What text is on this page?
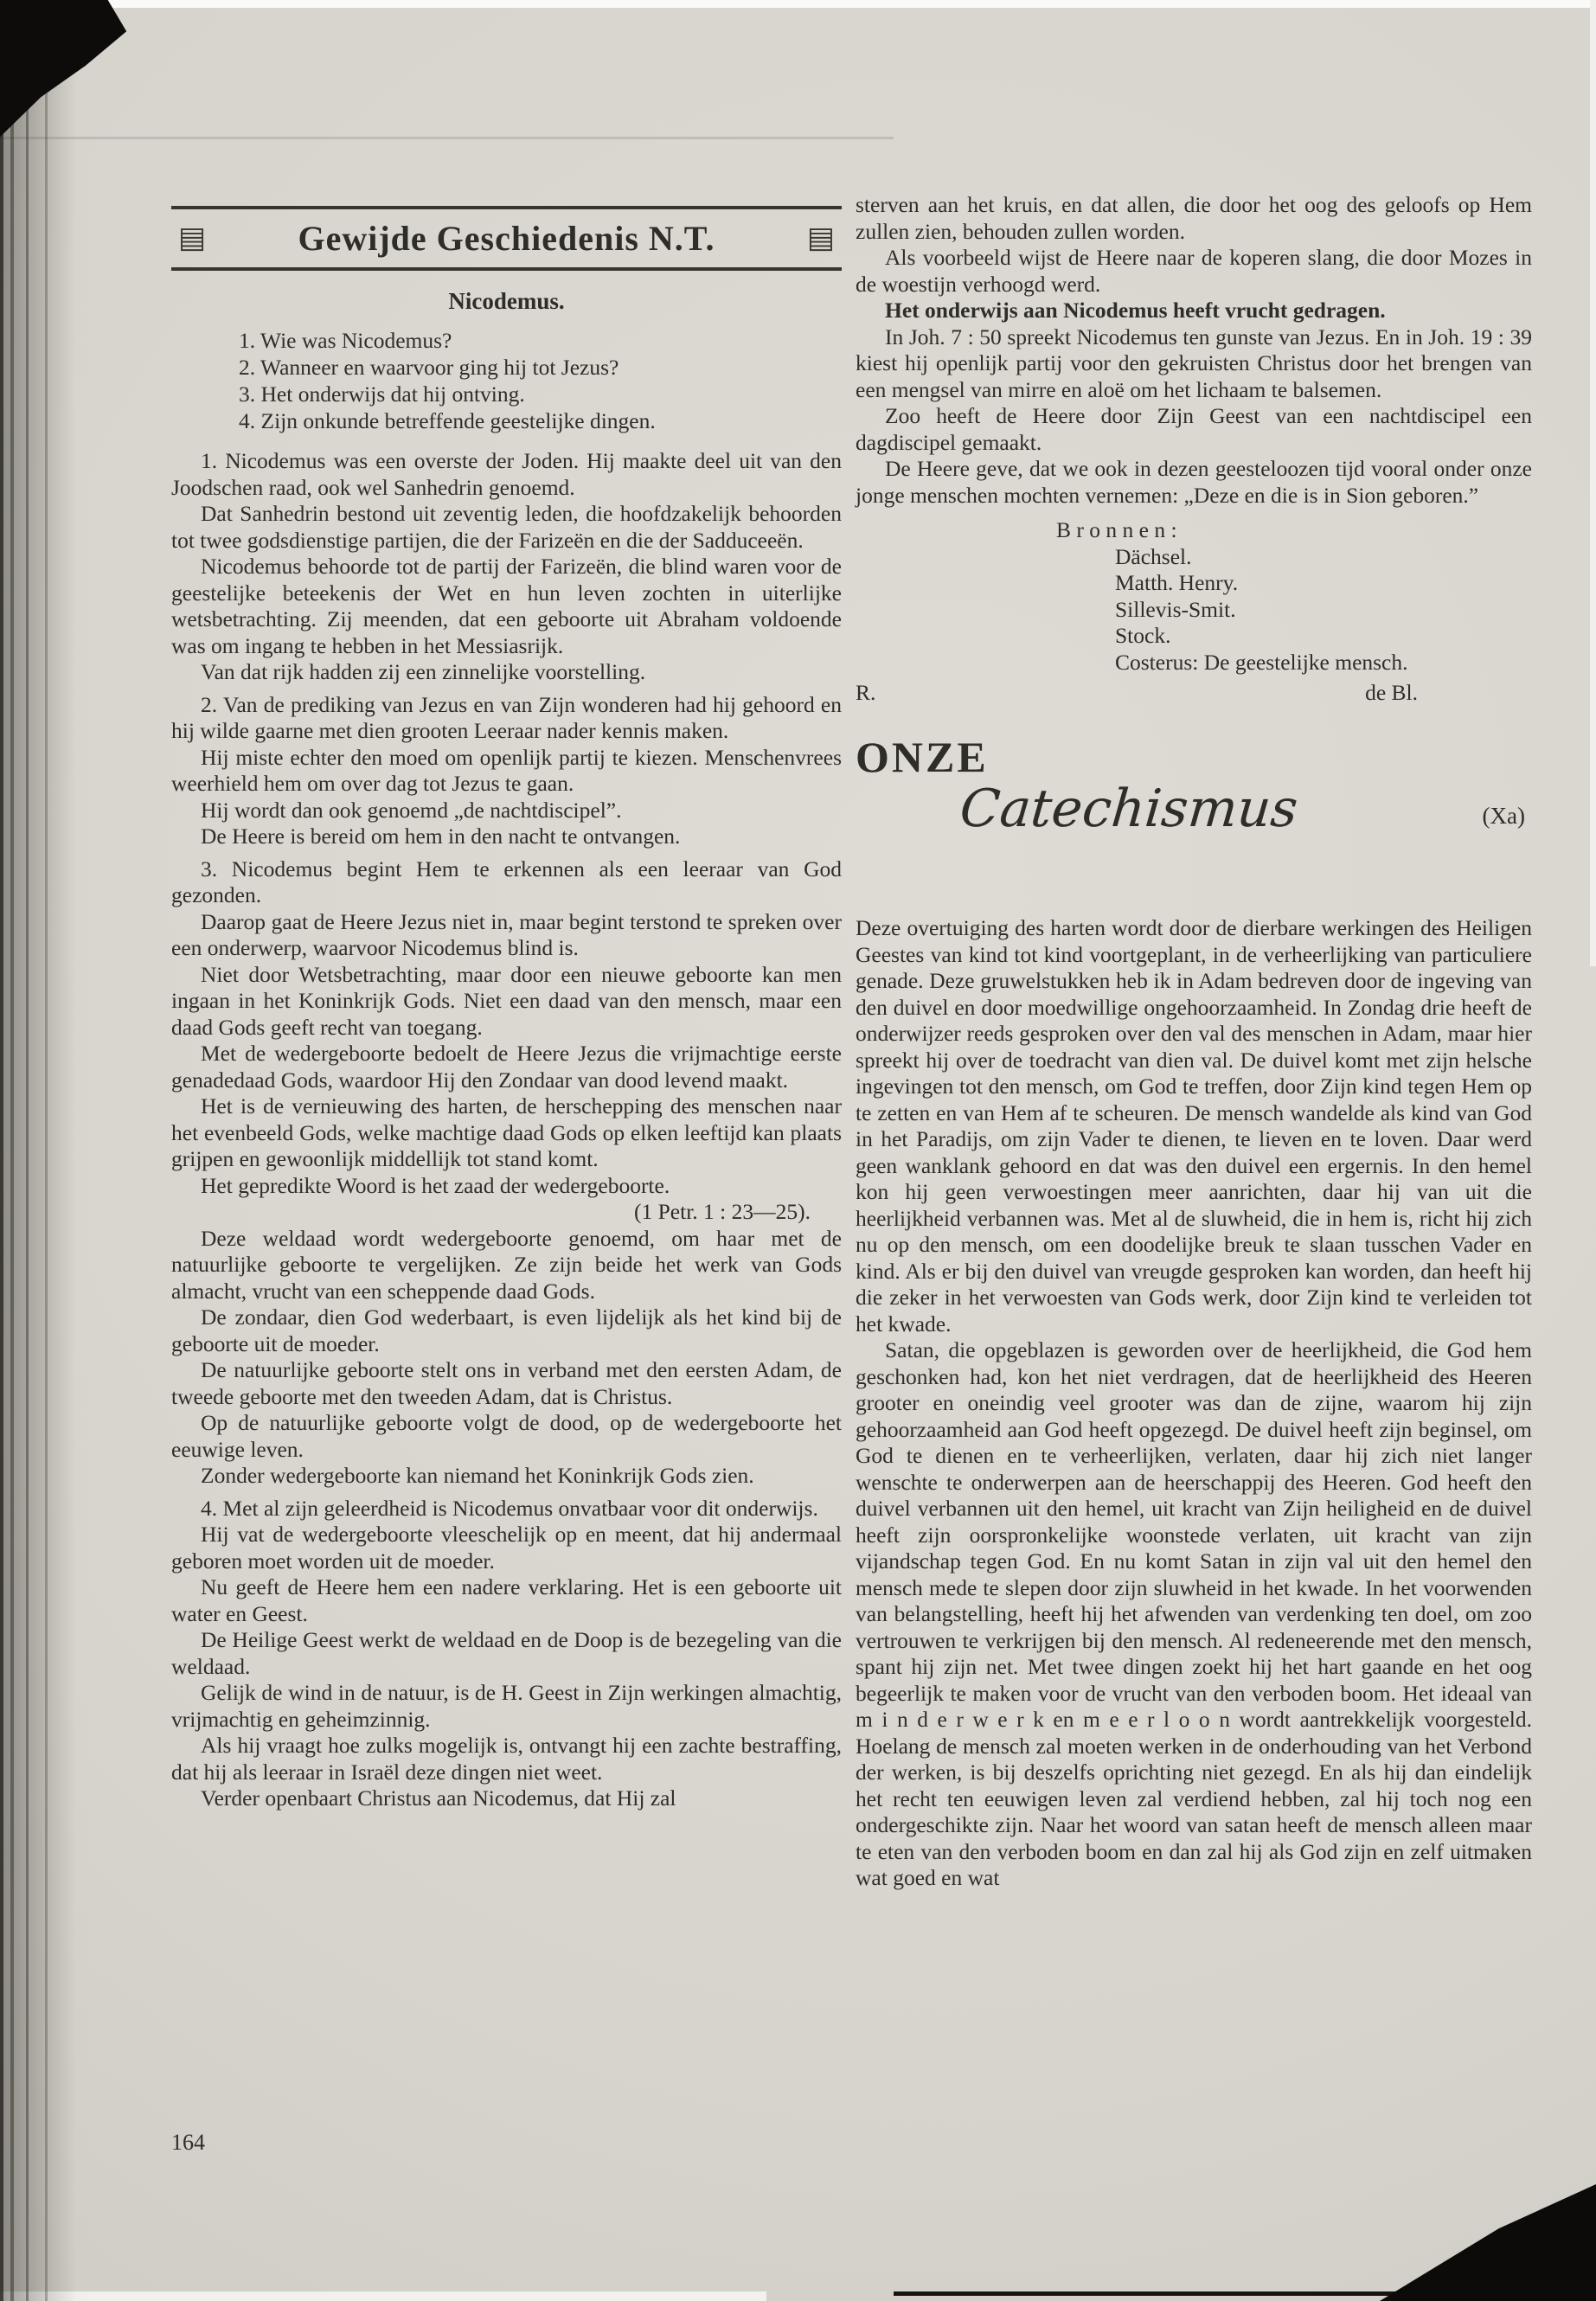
▤	Gewijde Geschiedenis N.T.	▤
Nicodemus.
1. Wie was Nicodemus?
2. Wanneer en waarvoor ging hij tot Jezus?
3. Het onderwijs dat hij ontving.
4. Zijn onkunde betreffende geestelijke dingen.

1. Nicodemus was een overste der Joden. Hij maakte deel uit van den Joodschen raad, ook wel Sanhedrin genoemd.

Dat Sanhedrin bestond uit zeventig leden, die hoofdzakelijk behoorden tot twee godsdienstige partijen, die der Farizeën en die der Sadduceeën.

Nicodemus behoorde tot de partij der Farizeën, die blind waren voor de geestelijke beteekenis der Wet en hun leven zochten in uiterlijke wetsbetrachting. Zij meenden, dat een geboorte uit Abraham voldoende was om ingang te hebben in het Messiasrijk.

Van dat rijk hadden zij een zinnelijke voorstelling.

2. Van de prediking van Jezus en van Zijn wonderen had hij gehoord en hij wilde gaarne met dien grooten Leeraar nader kennis maken.

Hij miste echter den moed om openlijk partij te kiezen. Menschenvrees weerhield hem om over dag tot Jezus te gaan.

Hij wordt dan ook genoemd „de nachtdiscipel”.

De Heere is bereid om hem in den nacht te ontvangen.

3. Nicodemus begint Hem te erkennen als een leeraar van God gezonden.

Daarop gaat de Heere Jezus niet in, maar begint terstond te spreken over een onderwerp, waarvoor Nicodemus blind is.

Niet door Wetsbetrachting, maar door een nieuwe geboorte kan men ingaan in het Koninkrijk Gods. Niet een daad van den mensch, maar een daad Gods geeft recht van toegang.

Met de wedergeboorte bedoelt de Heere Jezus die vrijmachtige eerste genadedaad Gods, waardoor Hij den Zondaar van dood levend maakt.

Het is de vernieuwing des harten, de herschepping des menschen naar het evenbeeld Gods, welke machtige daad Gods op elken leeftijd kan plaats grijpen en gewoonlijk middellijk tot stand komt.

Het gepredikte Woord is het zaad der wedergeboorte.

(1 Petr. 1 : 23—25).

Deze weldaad wordt wedergeboorte genoemd, om haar met de natuurlijke geboorte te vergelijken. Ze zijn beide het werk van Gods almacht, vrucht van een scheppende daad Gods.

De zondaar, dien God wederbaart, is even lijdelijk als het kind bij de geboorte uit de moeder.

De natuurlijke geboorte stelt ons in verband met den eersten Adam, de tweede geboorte met den tweeden Adam, dat is Christus.

Op de natuurlijke geboorte volgt de dood, op de wedergeboorte het eeuwige leven.

Zonder wedergeboorte kan niemand het Koninkrijk Gods zien.

4. Met al zijn geleerdheid is Nicodemus onvatbaar voor dit onderwijs.

Hij vat de wedergeboorte vleeschelijk op en meent, dat hij andermaal geboren moet worden uit de moeder.

Nu geeft de Heere hem een nadere verklaring. Het is een geboorte uit water en Geest.

De Heilige Geest werkt de weldaad en de Doop is de bezegeling van die weldaad.

Gelijk de wind in de natuur, is de H. Geest in Zijn werkingen almachtig, vrijmachtig en geheimzinnig.

Als hij vraagt hoe zulks mogelijk is, ontvangt hij een zachte bestraffing, dat hij als leeraar in Israël deze dingen niet weet.

Verder openbaart Christus aan Nicodemus, dat Hij zal

sterven aan het kruis, en dat allen, die door het oog des geloofs op Hem zullen zien, behouden zullen worden.

Als voorbeeld wijst de Heere naar de koperen slang, die door Mozes in de woestijn verhoogd werd.

Het onderwijs aan Nicodemus heeft vrucht gedragen.

In Joh. 7 : 50 spreekt Nicodemus ten gunste van Jezus. En in Joh. 19 : 39 kiest hij openlijk partij voor den gekruisten Christus door het brengen van een mengsel van mirre en aloë om het lichaam te balsemen.

Zoo heeft de Heere door Zijn Geest van een nachtdiscipel een dagdiscipel gemaakt.

De Heere geve, dat we ook in dezen geesteloozen tijd vooral onder onze jonge menschen mochten vernemen: „Deze en die is in Sion geboren.”

B r o n n e n :
Dächsel.
Matth. Henry.
Sillevis-Smit.
Stock.
Costerus: De geestelijke mensch.
R.	de Bl.
ONZE
Catechismus	(Xa)

Deze overtuiging des harten wordt door de dierbare werkingen des Heiligen Geestes van kind tot kind voortgeplant, in de verheerlijking van particuliere genade. Deze gruwelstukken heb ik in Adam bedreven door de ingeving van den duivel en door moedwillige ongehoorzaamheid. In Zondag drie heeft de onderwijzer reeds gesproken over den val des menschen in Adam, maar hier spreekt hij over de toedracht van dien val. De duivel komt met zijn helsche ingevingen tot den mensch, om God te treffen, door Zijn kind tegen Hem op te zetten en van Hem af te scheuren. De mensch wandelde als kind van God in het Paradijs, om zijn Vader te dienen, te lieven en te loven. Daar werd geen wanklank gehoord en dat was den duivel een ergernis. In den hemel kon hij geen verwoestingen meer aanrichten, daar hij van uit die heerlijkheid verbannen was. Met al de sluwheid, die in hem is, richt hij zich nu op den mensch, om een doodelijke breuk te slaan tusschen Vader en kind. Als er bij den duivel van vreugde gesproken kan worden, dan heeft hij die zeker in het verwoesten van Gods werk, door Zijn kind te verleiden tot het kwade.

Satan, die opgeblazen is geworden over de heerlijkheid, die God hem geschonken had, kon het niet verdragen, dat de heerlijkheid des Heeren grooter en oneindig veel grooter was dan de zijne, waarom hij zijn gehoorzaamheid aan God heeft opgezegd. De duivel heeft zijn beginsel, om God te dienen en te verheerlijken, verlaten, daar hij zich niet langer wenschte te onderwerpen aan de heerschappij des Heeren. God heeft den duivel verbannen uit den hemel, uit kracht van Zijn heiligheid en de duivel heeft zijn oorspronkelijke woonstede verlaten, uit kracht van zijn vijandschap tegen God. En nu komt Satan in zijn val uit den hemel den mensch mede te slepen door zijn sluwheid in het kwade. In het voorwenden van belangstelling, heeft hij het afwenden van verdenking ten doel, om zoo vertrouwen te verkrijgen bij den mensch. Al redeneerende met den mensch, spant hij zijn net. Met twee dingen zoekt hij het hart gaande en het oog begeerlijk te maken voor de vrucht van den verboden boom. Het ideaal van m i n d e r w e r k en m e e r l o o n wordt aantrekkelijk voorgesteld. Hoelang de mensch zal moeten werken in de onderhouding van het Verbond der werken, is bij deszelfs oprichting niet gezegd. En als hij dan eindelijk het recht ten eeuwigen leven zal verdiend hebben, zal hij toch nog een ondergeschikte zijn. Naar het woord van satan heeft de mensch alleen maar te eten van den verboden boom en dan zal hij als God zijn en zelf uitmaken wat goed en wat

164
